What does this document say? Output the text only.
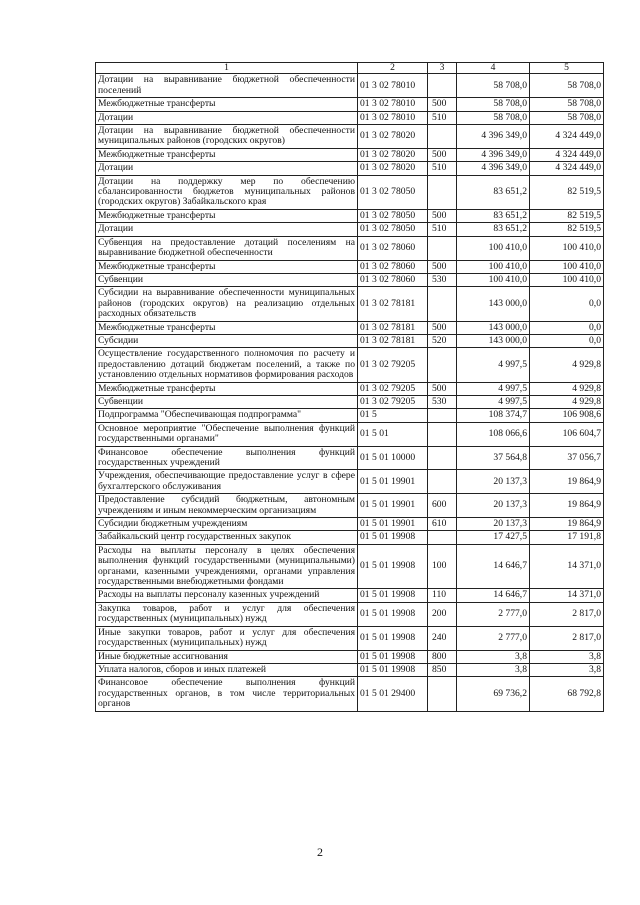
1	2	3	4	5
Дотации на выравнивание бюджетной обеспеченности поселений	01 3 02 78010		58 708,0	58 708,0
Межбюджетные трансферты	01 3 02 78010	500	58 708,0	58 708,0
Дотации	01 3 02 78010	510	58 708,0	58 708,0
Дотации на выравнивание бюджетной обеспеченности муниципальных районов (городских округов)	01 3 02 78020		4 396 349,0	4 324 449,0
Межбюджетные трансферты	01 3 02 78020	500	4 396 349,0	4 324 449,0
Дотации	01 3 02 78020	510	4 396 349,0	4 324 449,0
Дотации на поддержку мер по обеспечению сбалансированности бюджетов муниципальных районов (городских округов) Забайкальского края	01 3 02 78050		83 651,2	82 519,5
Межбюджетные трансферты	01 3 02 78050	500	83 651,2	82 519,5
Дотации	01 3 02 78050	510	83 651,2	82 519,5
Субвенция на предоставление дотаций поселениям на выравнивание бюджетной обеспеченности	01 3 02 78060		100 410,0	100 410,0
Межбюджетные трансферты	01 3 02 78060	500	100 410,0	100 410,0
Субвенции	01 3 02 78060	530	100 410,0	100 410,0
Субсидии на выравнивание обеспеченности муниципальных районов (городских округов) на реализацию отдельных расходных обязательств	01 3 02 78181		143 000,0	0,0
Межбюджетные трансферты	01 3 02 78181	500	143 000,0	0,0
Субсидии	01 3 02 78181	520	143 000,0	0,0
Осуществление государственного полномочия по расчету и предоставлению дотаций бюджетам поселений, а также по установлению отдельных нормативов формирования расходов	01 3 02 79205		4 997,5	4 929,8
Межбюджетные трансферты	01 3 02 79205	500	4 997,5	4 929,8
Субвенции	01 3 02 79205	530	4 997,5	4 929,8
Подпрограмма "Обеспечивающая подпрограмма"	01 5		108 374,7	106 908,6
Основное мероприятие "Обеспечение выполнения функций государственными органами"	01 5 01		108 066,6	106 604,7
Финансовое обеспечение выполнения функций государственных учреждений	01 5 01 10000		37 564,8	37 056,7
Учреждения, обеспечивающие предоставление услуг в сфере бухгалтерского обслуживания	01 5 01 19901		20 137,3	19 864,9
Предоставление субсидий бюджетным, автономным учреждениям и иным некоммерческим организациям	01 5 01 19901	600	20 137,3	19 864,9
Субсидии бюджетным учреждениям	01 5 01 19901	610	20 137,3	19 864,9
Забайкальский центр государственных закупок	01 5 01 19908		17 427,5	17 191,8
Расходы на выплаты персоналу в целях обеспечения выполнения функций государственными (муниципальными) органами, казенными учреждениями, органами управления государственными внебюджетными фондами	01 5 01 19908	100	14 646,7	14 371,0
Расходы на выплаты персоналу казенных учреждений	01 5 01 19908	110	14 646,7	14 371,0
Закупка товаров, работ и услуг для обеспечения государственных (муниципальных) нужд	01 5 01 19908	200	2 777,0	2 817,0
Иные закупки товаров, работ и услуг для обеспечения государственных (муниципальных) нужд	01 5 01 19908	240	2 777,0	2 817,0
Иные бюджетные ассигнования	01 5 01 19908	800	3,8	3,8
Уплата налогов, сборов и иных платежей	01 5 01 19908	850	3,8	3,8
Финансовое обеспечение выполнения функций государственных органов, в том числе территориальных органов	01 5 01 29400		69 736,2	68 792,8
2
